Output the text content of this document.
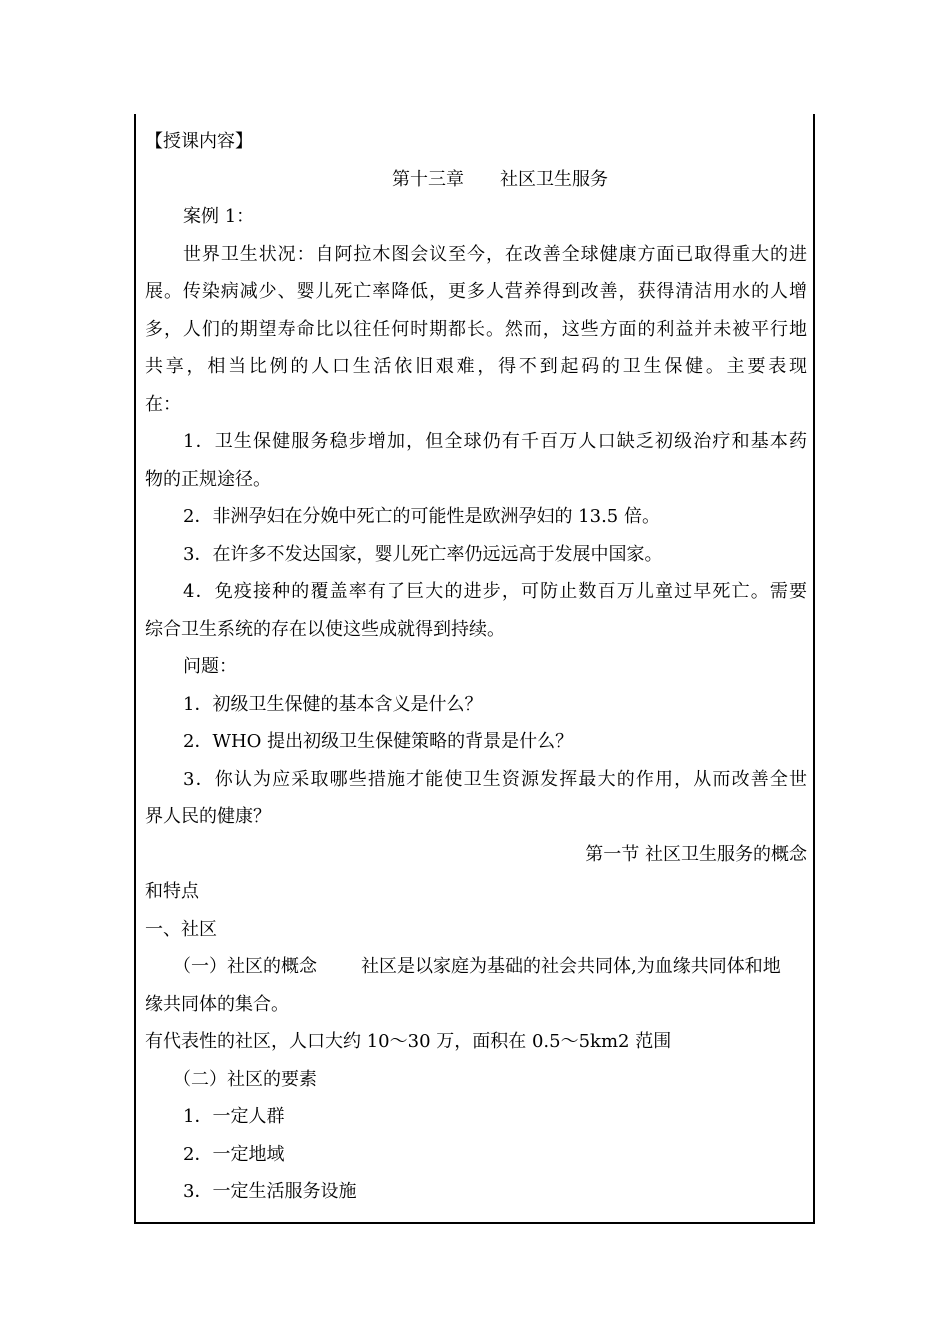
【授课内容】
第十三章 社区卫生服务
案例 1：
世界卫生状况：自阿拉木图会议至今，在改善全球健康方面已取得重大的进
展。传染病减少、婴儿死亡率降低，更多人营养得到改善，获得清洁用水的人增
多，人们的期望寿命比以往任何时期都长。然而，这些方面的利益并未被平行地
共享，相当比例的人口生活依旧艰难，得不到起码的卫生保健。主要表现
在：
1．卫生保健服务稳步增加，但全球仍有千百万人口缺乏初级治疗和基本药
物的正规途径。
2．非洲孕妇在分娩中死亡的可能性是欧洲孕妇的 13.5 倍。
3．在许多不发达国家，婴儿死亡率仍远远高于发展中国家。
4．免疫接种的覆盖率有了巨大的进步，可防止数百万儿童过早死亡。需要
综合卫生系统的存在以使这些成就得到持续。
问题：
1．初级卫生保健的基本含义是什么？
2．WHO 提出初级卫生保健策略的背景是什么？
3．你认为应采取哪些措施才能使卫生资源发挥最大的作用，从而改善全世
界人民的健康？
第一节 社区卫生服务的概念
和特点
一、社区
（一）社区的概念 社区是以家庭为基础的社会共同体,为血缘共同体和地
缘共同体的集合。
有代表性的社区，人口大约 10～30 万，面积在 0.5～5km2 范围
（二）社区的要素
1．一定人群
2．一定地域
3．一定生活服务设施
